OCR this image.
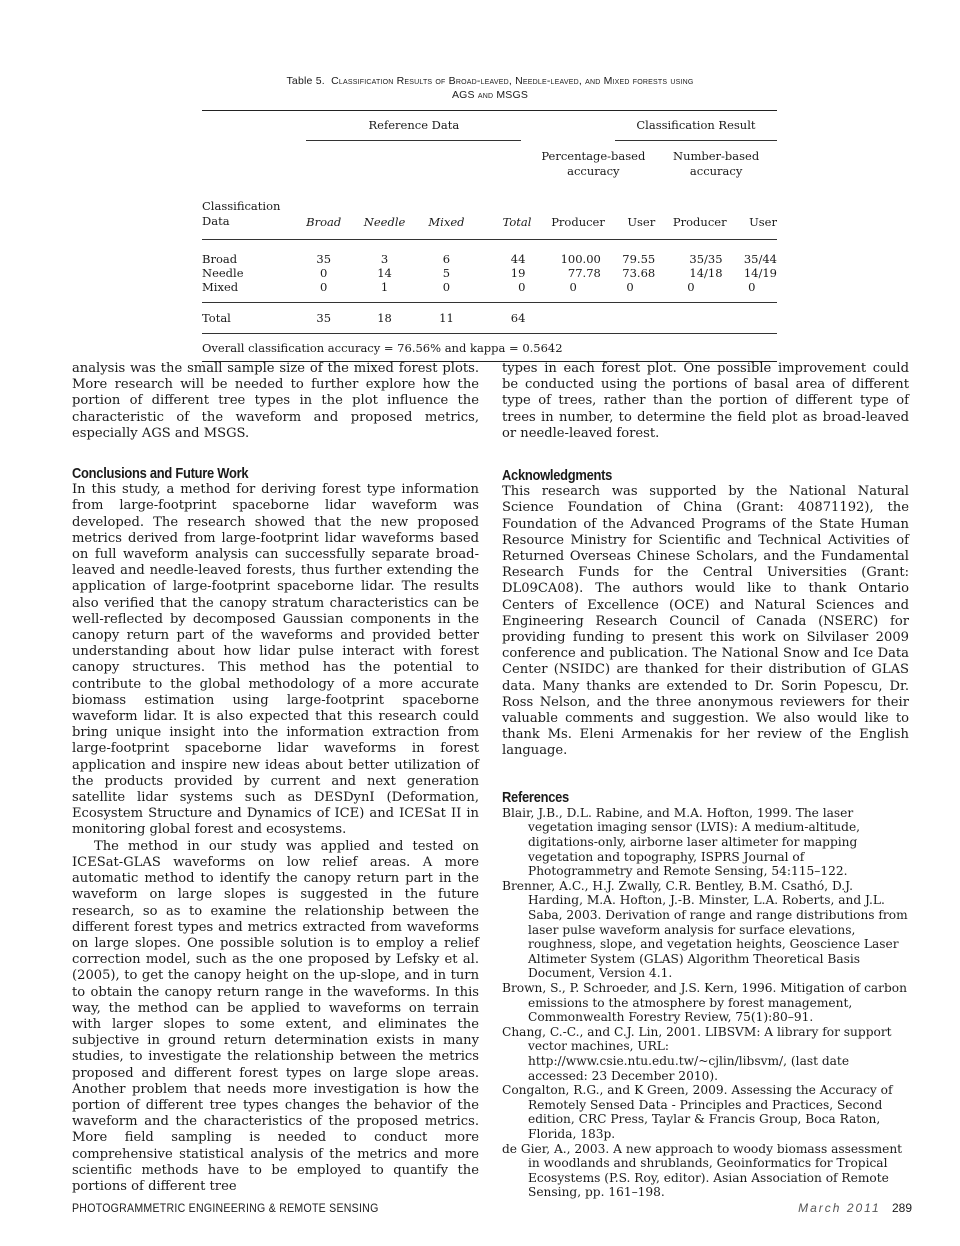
Table 5. Classification Results of Broad-leaved, Needle-leaved, and Mixed forests using
AGS and MSGS

	Reference Data					Classification Result		

					Percentage-based accuracy		Number-based accuracy	

Classification Data	Broad	Needle	Mixed	Total	Producer	User	Producer	User
Broad	35	3	6	44	100.00	79.55	35/35	35/44
Needle	0	14	5	19	77.78	73.68	14/18	14/19
Mixed	0	1	0	0	0	0	0	0
Total	35	18	11	64				
Overall classification accuracy = 76.56% and kappa = 0.5642								

analysis was the small sample size of the mixed forest plots. More research will be needed to further explore how the portion of different tree types in the plot influence the characteristic of the waveform and proposed metrics, especially AGS and MSGS.

Conclusions and Future Work

In this study, a method for deriving forest type information from large-footprint spaceborne lidar waveform was developed. The research showed that the new proposed metrics derived from large-footprint lidar waveforms based on full waveform analysis can successfully separate broad-leaved and needle-leaved forests, thus further extending the application of large-footprint spaceborne lidar. The results also verified that the canopy stratum characteristics can be well-reflected by decomposed Gaussian components in the canopy return part of the waveforms and provided better understanding about how lidar pulse interact with forest canopy structures. This method has the potential to contribute to the global methodology of a more accurate biomass estimation using large-footprint spaceborne waveform lidar. It is also expected that this research could bring unique insight into the information extraction from large-footprint spaceborne lidar waveforms in forest application and inspire new ideas about better utilization of the products provided by current and next generation satellite lidar systems such as DESDynI (Deformation, Ecosystem Structure and Dynamics of ICE) and ICESat II in monitoring global forest and ecosystems.

The method in our study was applied and tested on ICESat-GLAS waveforms on low relief areas. A more automatic method to identify the canopy return part in the waveform on large slopes is suggested in the future research, so as to examine the relationship between the different forest types and metrics extracted from waveforms on large slopes. One possible solution is to employ a relief correction model, such as the one proposed by Lefsky et al. (2005), to get the canopy height on the up-slope, and in turn to obtain the canopy return range in the waveforms. In this way, the method can be applied to waveforms on terrain with larger slopes to some extent, and eliminates the subjective in ground return determination exists in many studies, to investigate the relationship between the metrics proposed and different forest types on large slope areas. Another problem that needs more investigation is how the portion of different tree types changes the behavior of the waveform and the characteristics of the proposed metrics. More field sampling is needed to conduct more comprehensive statistical analysis of the metrics and more scientific methods have to be employed to quantify the portions of different tree

types in each forest plot. One possible improvement could be conducted using the portions of basal area of different type of trees, rather than the portion of different type of trees in number, to determine the field plot as broad-leaved or needle-leaved forest.

Acknowledgments

This research was supported by the National Natural Science Foundation of China (Grant: 40871192), the Foundation of the Advanced Programs of the State Human Resource Ministry for Scientific and Technical Activities of Returned Overseas Chinese Scholars, and the Fundamental Research Funds for the Central Universities (Grant: DL09CA08). The authors would like to thank Ontario Centers of Excellence (OCE) and Natural Sciences and Engineering Research Council of Canada (NSERC) for providing funding to present this work on Silvilaser 2009 conference and publication. The National Snow and Ice Data Center (NSIDC) are thanked for their distribution of GLAS data. Many thanks are extended to Dr. Sorin Popescu, Dr. Ross Nelson, and the three anonymous reviewers for their valuable comments and suggestion. We also would like to thank Ms. Eleni Armenakis for her review of the English language.

References

Blair, J.B., D.L. Rabine, and M.A. Hofton, 1999. The laser vegetation imaging sensor (LVIS): A medium-altitude, digitations-only, airborne laser altimeter for mapping vegetation and topography, ISPRS Journal of Photogrammetry and Remote Sensing, 54:115–122.

Brenner, A.C., H.J. Zwally, C.R. Bentley, B.M. Csathó, D.J. Harding, M.A. Hofton, J.-B. Minster, L.A. Roberts, and J.L. Saba, 2003. Derivation of range and range distributions from laser pulse waveform analysis for surface elevations, roughness, slope, and vegetation heights, Geoscience Laser Altimeter System (GLAS) Algorithm Theoretical Basis Document, Version 4.1.

Brown, S., P. Schroeder, and J.S. Kern, 1996. Mitigation of carbon emissions to the atmosphere by forest management, Commonwealth Forestry Review, 75(1):80–91.

Chang, C.-C., and C.J. Lin, 2001. LIBSVM: A library for support vector machines, URL: http://www.csie.ntu.edu.tw/~cjlin/libsvm/, (last date accessed: 23 December 2010).

Congalton, R.G., and K Green, 2009. Assessing the Accuracy of Remotely Sensed Data - Principles and Practices, Second edition, CRC Press, Taylar & Francis Group, Boca Raton, Florida, 183p.

de Gier, A., 2003. A new approach to woody biomass assessment in woodlands and shrublands, Geoinformatics for Tropical Ecosystems (P.S. Roy, editor). Asian Association of Remote Sensing, pp. 161–198.

PHOTOGRAMMETRIC ENGINEERING & REMOTE SENSING	March 2011 289
